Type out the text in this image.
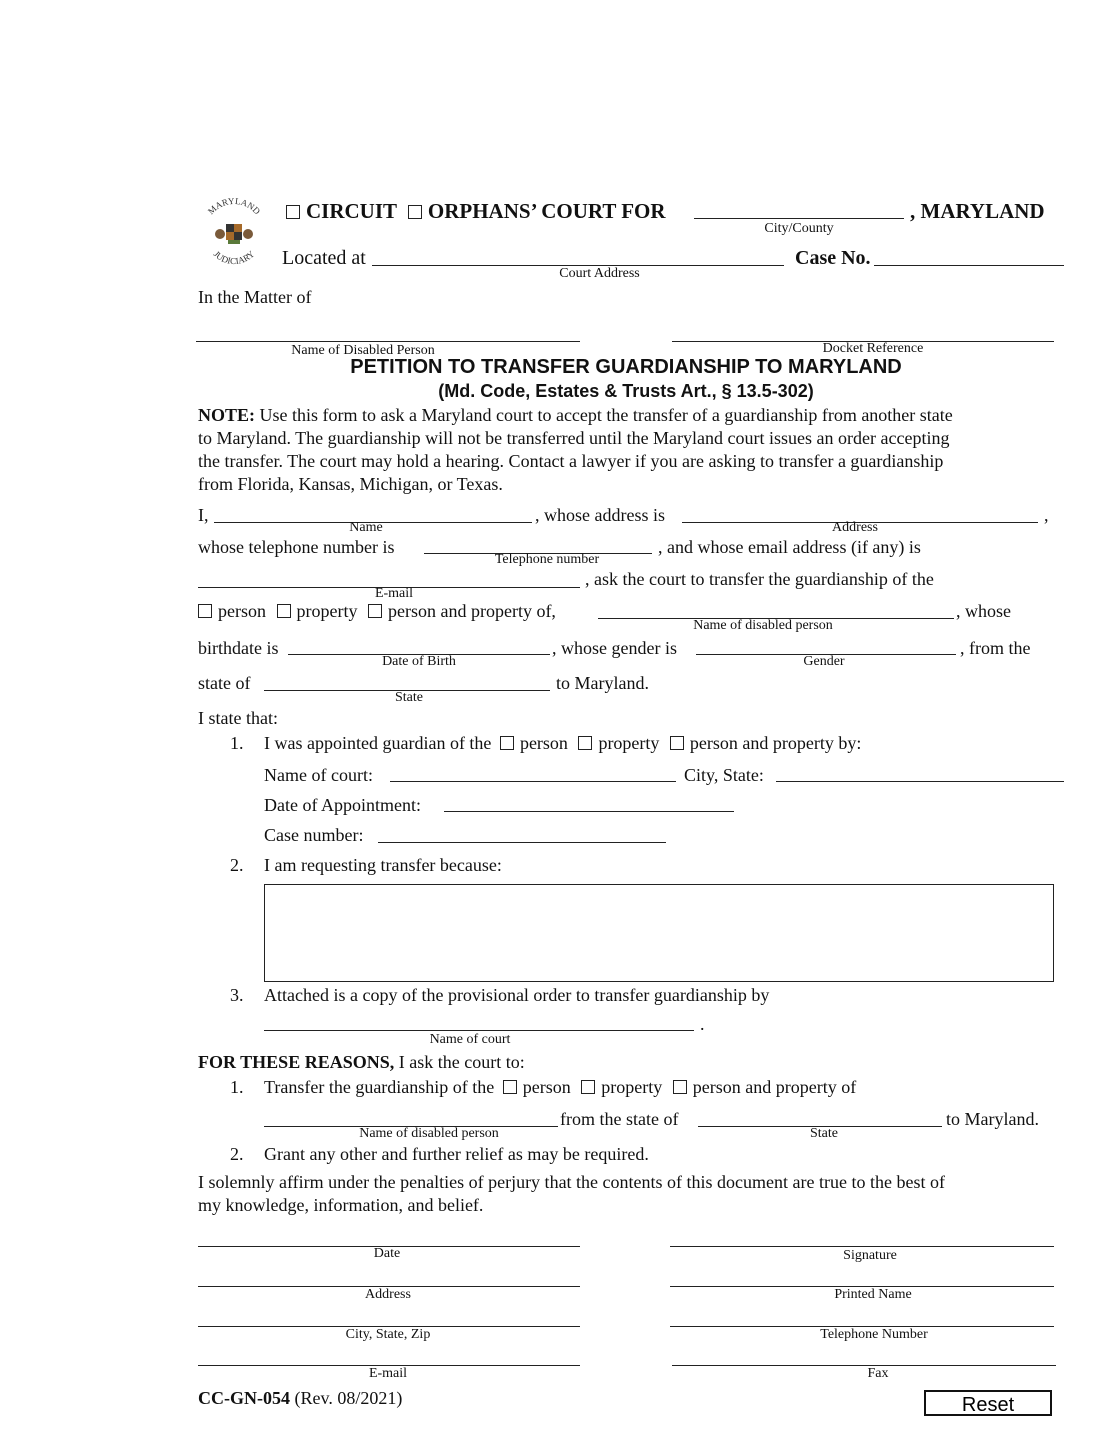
MARYLAND
JUDICIARY
CIRCUIT ORPHANS’ COURT FOR	, MARYLAND
City/County
Located at
Court Address
Case No.
In the Matter of
Name of Disabled Person	Docket Reference
PETITION TO TRANSFER GUARDIANSHIP TO MARYLAND
(Md. Code, Estates & Trusts Art., § 13.5-302)
NOTE: Use this form to ask a Maryland court to accept the transfer of a guardianship from another state
to Maryland. The guardianship will not be transferred until the Maryland court issues an order accepting
the transfer. The court may hold a hearing. Contact a lawyer if you are asking to transfer a guardianship
from Florida, Kansas, Michigan, or Texas.
I,
Name
, whose address is
Address
,
whose telephone number is
Telephone number
, and whose email address (if any) is
E-mail
, ask the court to transfer the guardianship of the
person property person and property of,
Name of disabled person
, whose
birthdate is
Date of Birth
, whose gender is
Gender
, from the
state of
State
to Maryland.
I state that:
1. I was appointed guardian of the person property person and property by:
Name of court:	City, State:
Date of Appointment:
Case number:
2. I am requesting transfer because:
3. Attached is a copy of the provisional order to transfer guardianship by
Name of court
.
FOR THESE REASONS, I ask the court to:
1. Transfer the guardianship of the person property person and property of
Name of disabled person
from the state of
State
to Maryland.
2. Grant any other and further relief as may be required.
I solemnly affirm under the penalties of perjury that the contents of this document are true to the best of
my knowledge, information, and belief.
Date	Signature
Address	Printed Name
City, State, Zip	Telephone Number
E-mail	Fax
CC-GN-054 (Rev. 08/2021)	Reset
